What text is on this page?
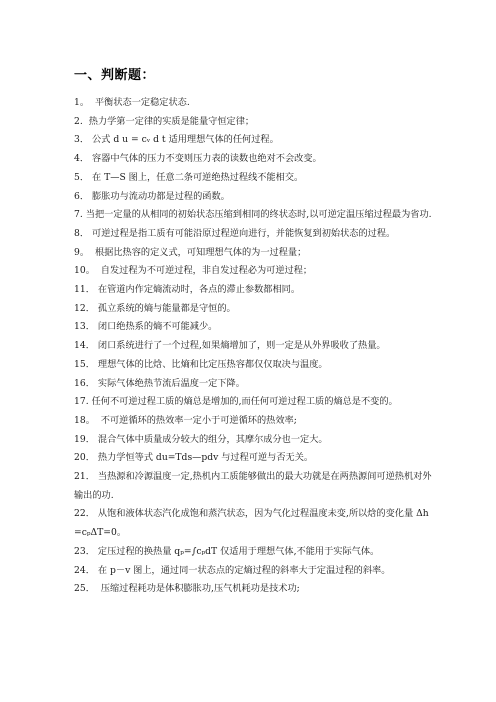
一、判断题：
1。 平衡状态一定稳定状态.
2. 热力学第一定律的实质是能量守恒定律；
3． 公式 d u = cᵥ d t 适用理想气体的任何过程。
4． 容器中气体的压力不变则压力表的读数也绝对不会改变。
5． 在 T—S 图上，任意二条可逆绝热过程线不能相交。
6． 膨胀功与流动功都是过程的函数。
7. 当把一定量的从相同的初始状态压缩到相同的终状态时,以可逆定温压缩过程最为省功.
8． 可逆过程是指工质有可能沿原过程逆向进行，并能恢复到初始状态的过程。
9。 根据比热容的定义式，可知理想气体的为一过程量；
10。 自发过程为不可逆过程，非自发过程必为可逆过程；
11． 在管道内作定熵流动时，各点的滞止参数都相同。
12． 孤立系统的熵与能量都是守恒的。
13． 闭口绝热系的熵不可能减少。
14． 闭口系统进行了一个过程,如果熵增加了，则一定是从外界吸收了热量。
15． 理想气体的比焓、比熵和比定压热容都仅仅取决与温度。
16． 实际气体绝热节流后温度一定下降。
17. 任何不可逆过程工质的熵总是增加的,而任何可逆过程工质的熵总是不变的。
18。 不可逆循环的热效率一定小于可逆循环的热效率;
19． 混合气体中质量成分较大的组分，其摩尔成分也一定大。
20． 热力学恒等式 du=Tds—pdv 与过程可逆与否无关。
21． 当热源和冷源温度一定,热机内工质能够做出的最大功就是在两热源间可逆热机对外输出的功.
22． 从饱和液体状态汽化成饱和蒸汽状态，因为气化过程温度未变,所以焓的变化量 Δh=cₚΔT=0。
23． 定压过程的换热量 qₚ=∫cₚdT 仅适用于理想气体,不能用于实际气体。
24． 在 p－v 图上，通过同一状态点的定熵过程的斜率大于定温过程的斜率。
25． 压缩过程耗功是体积膨胀功,压气机耗功是技术功;
